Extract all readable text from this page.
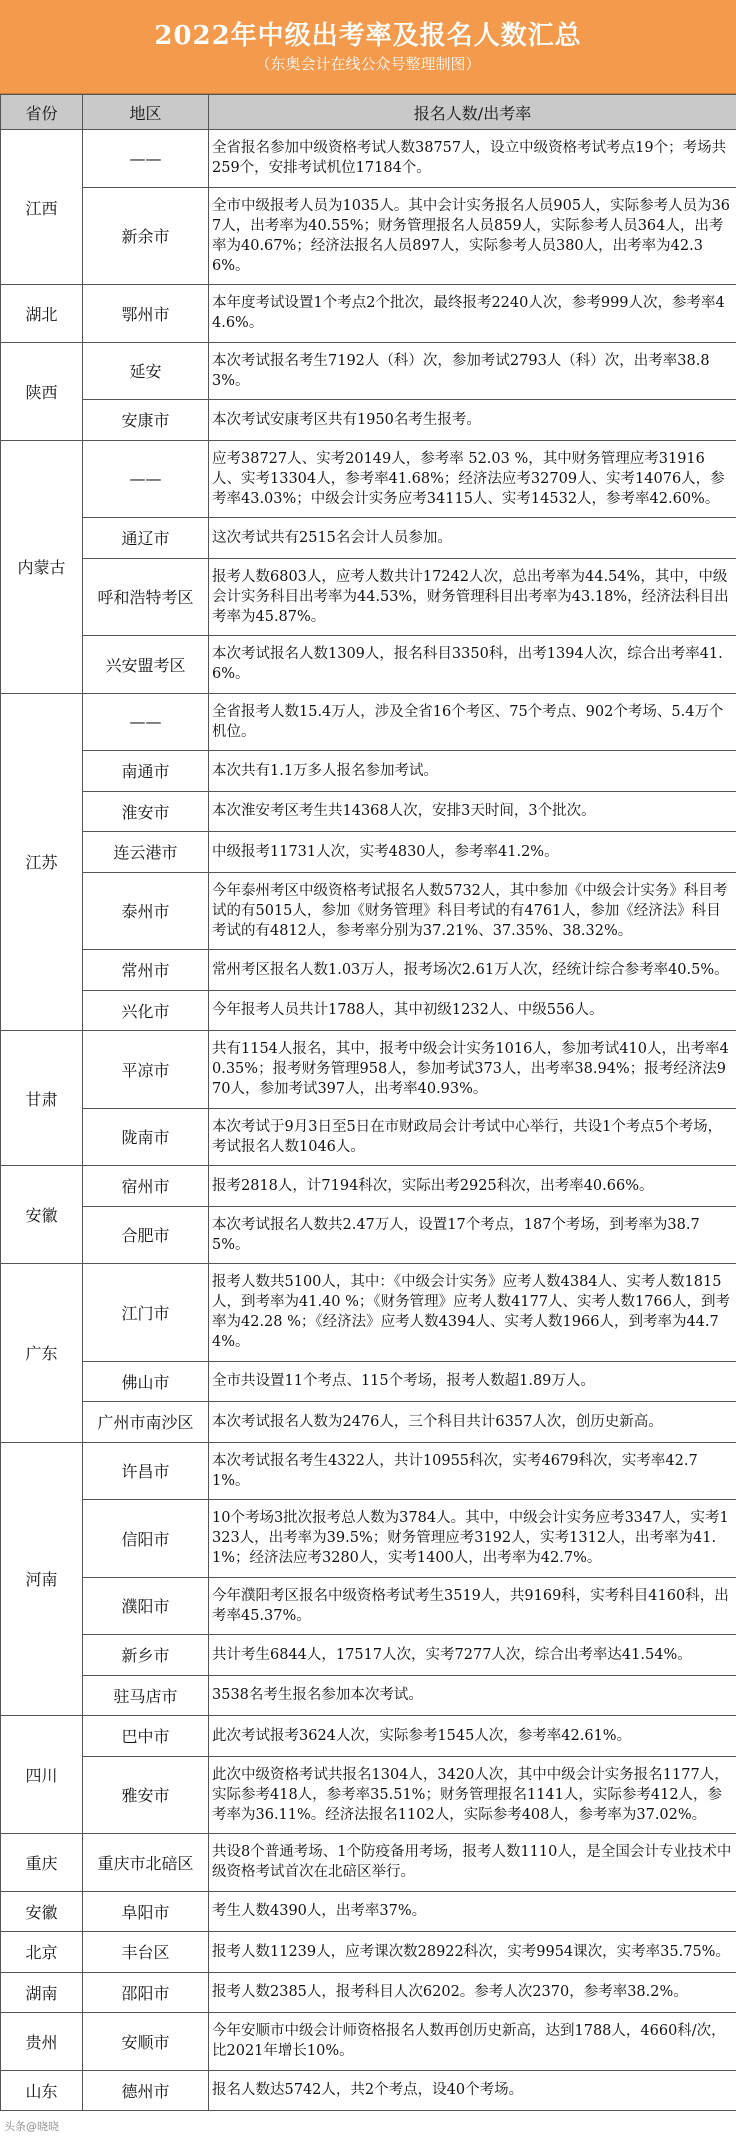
2022年中级出考率及报名人数汇总
（东奥会计在线公众号整理制图）
省份	地区	报名人数/出考率
江西	——	全省报名参加中级资格考试人数38757人，设立中级资格考试考点19个；考场共259个，安排考试机位17184个。
	新余市	全市中级报考人员为1035人。其中会计实务报名人员905人，实际参考人员为367人，出考率为40.55%；财务管理报名人员859人，实际参考人员364人，出考率为40.67%；经济法报名人员897人，实际参考人员380人，出考率为42.36%。
湖北	鄂州市	本年度考试设置1个考点2个批次，最终报考2240人次，参考999人次，参考率44.6%。
陕西	延安	本次考试报名考生7192人（科）次，参加考试2793人（科）次，出考率38.83%。
	安康市	本次考试安康考区共有1950名考生报考。
内蒙古	——	应考38727人、实考20149人，参考率 52.03 %，其中财务管理应考31916人、实考13304人，参考率41.68%；经济法应考32709人、实考14076人，参考率43.03%；中级会计实务应考34115人、实考14532人，参考率42.60%。
	通辽市	这次考试共有2515名会计人员参加。
	呼和浩特考区	报考人数6803人，应考人数共计17242人次，总出考率为44.54%，其中，中级会计实务科目出考率为44.53%，财务管理科目出考率为43.18%，经济法科目出考率为45.87%。
	兴安盟考区	本次考试报名人数1309人，报名科目3350科，出考1394人次，综合出考率41.6%。
江苏	——	全省报考人数15.4万人，涉及全省16个考区、75个考点、902个考场、5.4万个机位。
	南通市	本次共有1.1万多人报名参加考试。
	淮安市	本次淮安考区考生共14368人次，安排3天时间，3个批次。
	连云港市	中级报考11731人次，实考4830人，参考率41.2%。
	泰州市	今年泰州考区中级资格考试报名人数5732人，其中参加《中级会计实务》科目考试的有5015人，参加《财务管理》科目考试的有4761人，参加《经济法》科目考试的有4812人，参考率分别为37.21%、37.35%、38.32%。
	常州市	常州考区报名人数1.03万人，报考场次2.61万人次，经统计综合参考率40.5%。
	兴化市	今年报考人员共计1788人，其中初级1232人、中级556人。
甘肃	平凉市	共有1154人报名，其中，报考中级会计实务1016人，参加考试410人，出考率40.35%；报考财务管理958人，参加考试373人，出考率38.94%；报考经济法970人，参加考试397人，出考率40.93%。
	陇南市	本次考试于9月3日至5日在市财政局会计考试中心举行，共设1个考点5个考场，考试报名人数1046人。
安徽	宿州市	报考2818人，计7194科次，实际出考2925科次，出考率40.66%。
	合肥市	本次考试报名人数共2.47万人，设置17个考点，187个考场，到考率为38.75%。
广东	江门市	报考人数共5100人，其中：《中级会计实务》应考人数4384人、实考人数1815人，到考率为41.40 %；《财务管理》应考人数4177人、实考人数1766人，到考率为42.28 %；《经济法》应考人数4394人、实考人数1966人，到考率为44.74%。
	佛山市	全市共设置11个考点、115个考场，报考人数超1.89万人。
	广州市南沙区	本次考试报名人数为2476人，三个科目共计6357人次，创历史新高。
河南	许昌市	本次考试报名考生4322人，共计10955科次，实考4679科次，实考率42.71%。
	信阳市	10个考场3批次报考总人数为3784人。其中，中级会计实务应考3347人，实考1323人，出考率为39.5%；财务管理应考3192人，实考1312人，出考率为41.1%；经济法应考3280人，实考1400人，出考率为42.7%。
	濮阳市	今年濮阳考区报名中级资格考试考生3519人，共9169科，实考科目4160科，出考率45.37%。
	新乡市	共计考生6844人，17517人次，实考7277人次，综合出考率达41.54%。
	驻马店市	3538名考生报名参加本次考试。
四川	巴中市	此次考试报考3624人次，实际参考1545人次，参考率42.61%。
	雅安市	此次中级资格考试共报名1304人，3420人次，其中中级会计实务报名1177人，实际参考418人，参考率35.51%；财务管理报名1141人，实际参考412人，参考率为36.11%。经济法报名1102人，实际参考408人，参考率为37.02%。
重庆	重庆市北碚区	共设8个普通考场、1个防疫备用考场，报考人数1110人，是全国会计专业技术中级资格考试首次在北碚区举行。
安徽	阜阳市	考生人数4390人，出考率37%。
北京	丰台区	报考人数11239人，应考课次数28922科次，实考9954课次，实考率35.75%。
湖南	邵阳市	报考人数2385人，报考科目人次6202。参考人次2370，参考率38.2%。
贵州	安顺市	今年安顺市中级会计师资格报名人数再创历史新高，达到1788人，4660科/次，比2021年增长10%。
山东	德州市	报名人数达5742人，共2个考点，设40个考场。
头条@晓晓
